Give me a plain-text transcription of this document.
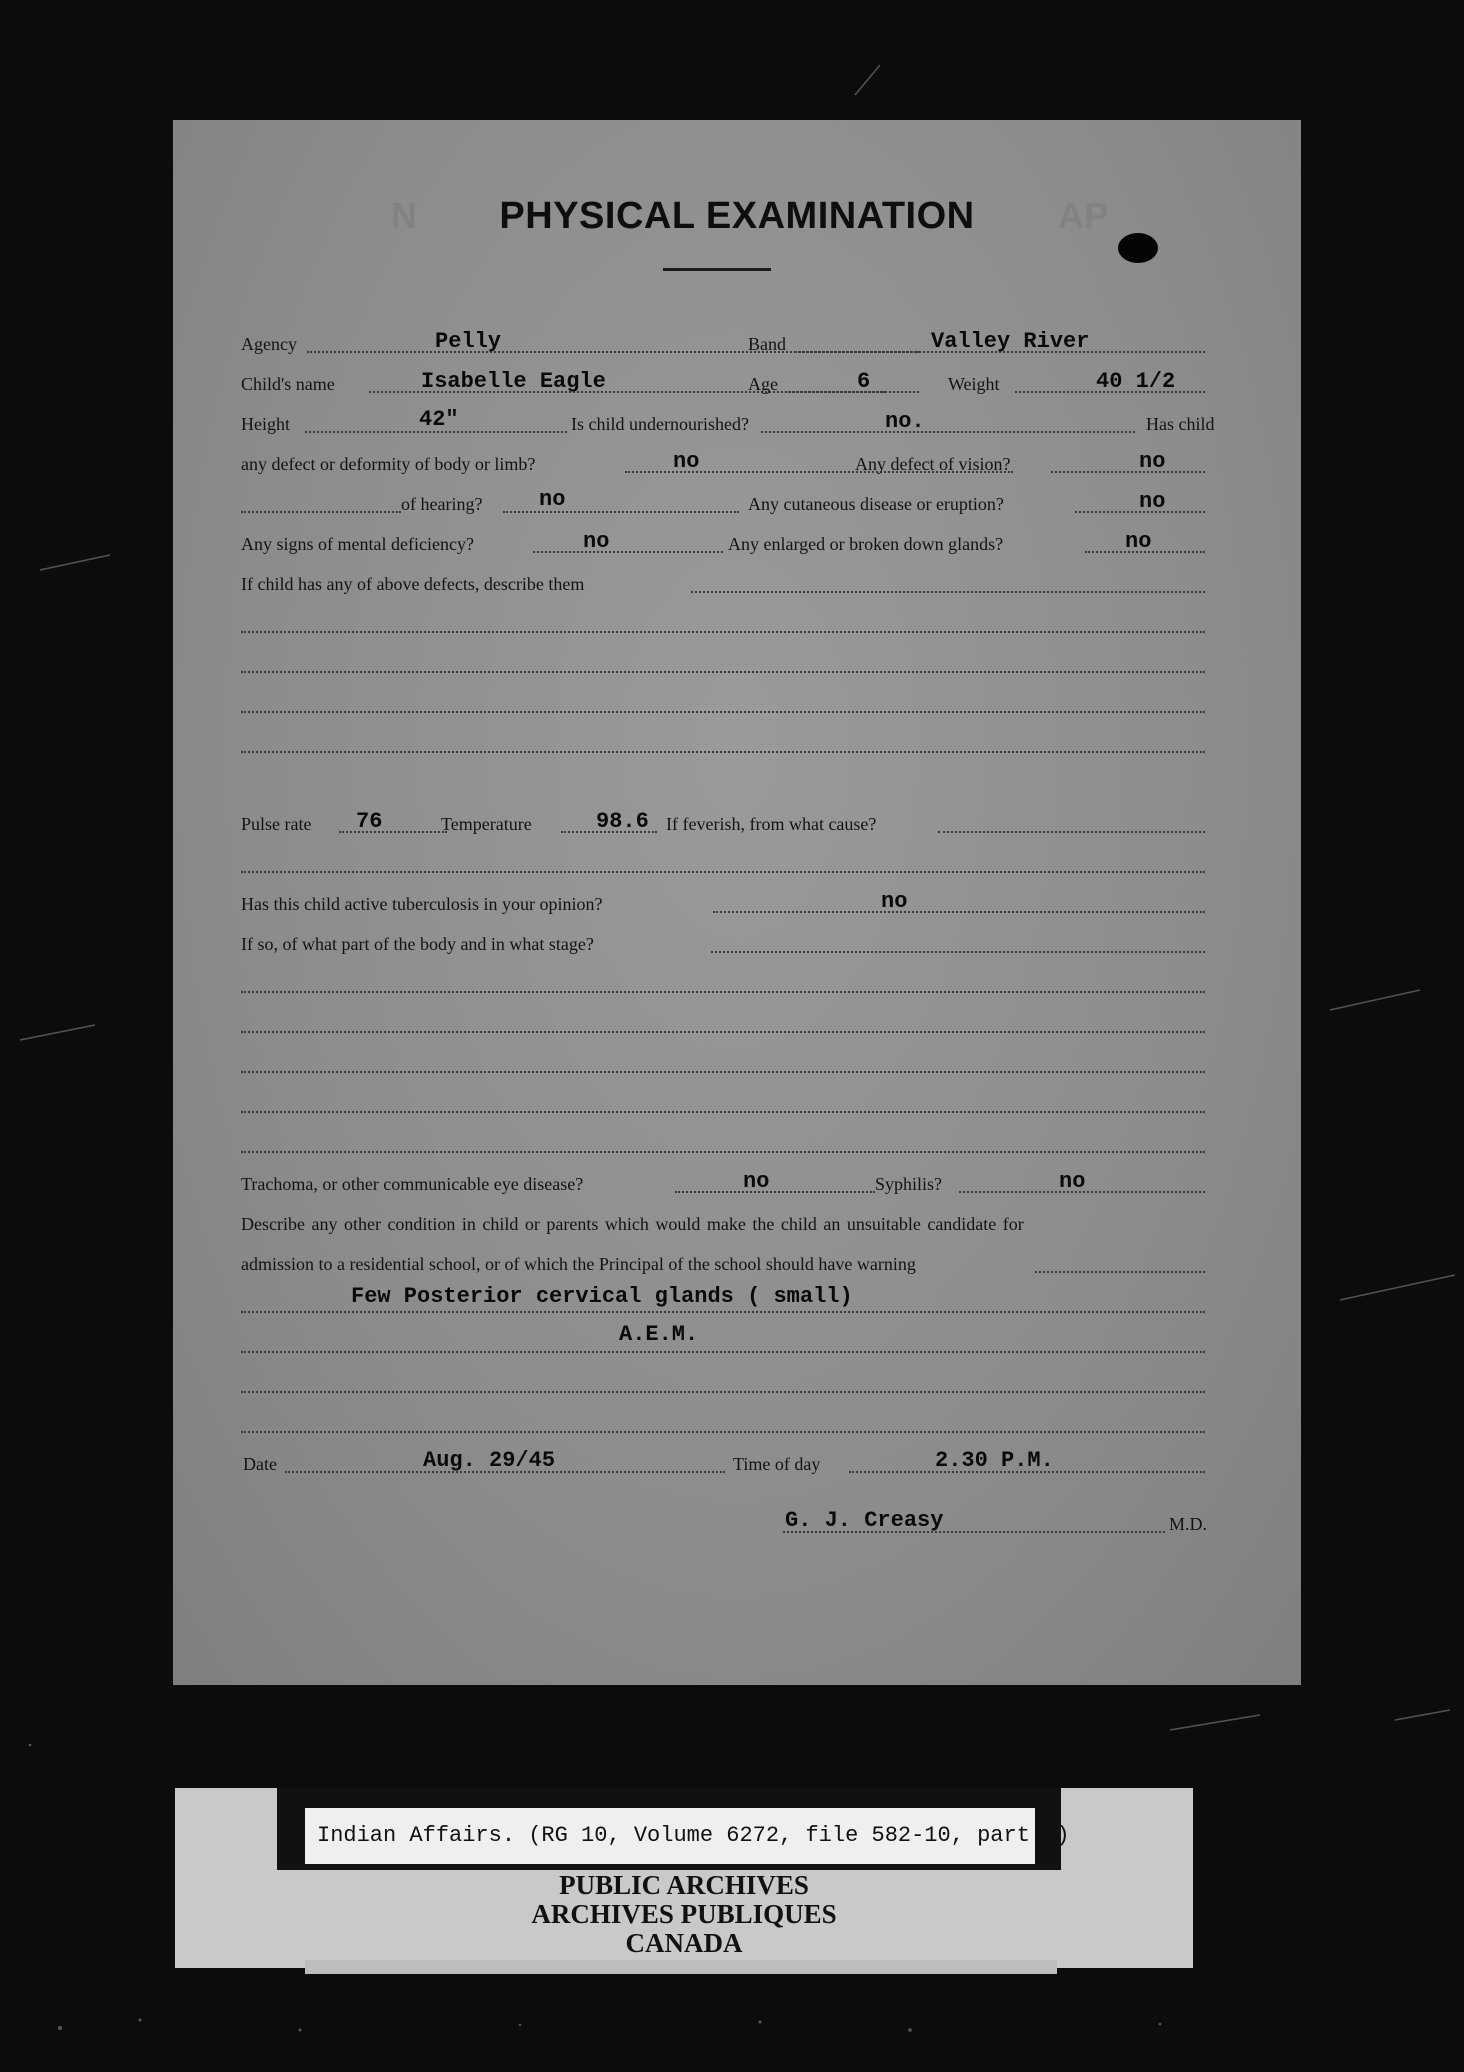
N	AP
PHYSICAL EXAMINATION
Agency	Pelly	Band	Valley River
Child's name	Isabelle Eagle	Age	6	Weight	40 1/2
Height	42"	Is child undernourished?	no.	Has child
any defect or deformity of body or limb?	no	Any defect of vision?	no
of hearing?	no	Any cutaneous disease or eruption?	no
Any signs of mental deficiency?	no	Any enlarged or broken down glands?	no
If child has any of above defects, describe them
Pulse rate 76	Temperature	98.6 If feverish, from what cause?
Has this child active tuberculosis in your opinion?	no
If so, of what part of the body and in what stage?
Trachoma, or other communicable eye disease?	no	Syphilis?	no
Describe any other condition in child or parents which would make the child an unsuitable candidate for
admission to a residential school, or of which the Principal of the school should have warning
Few Posterior cervical glands ( small)
A.E.M.
Date	Aug. 29/45	Time of day	2.30 P.M.
G. J. Creasy	M.D.
Indian Affairs. (RG 10, Volume 6272, file 582-10, part 3)
PUBLIC ARCHIVES
ARCHIVES PUBLIQUES
CANADA
